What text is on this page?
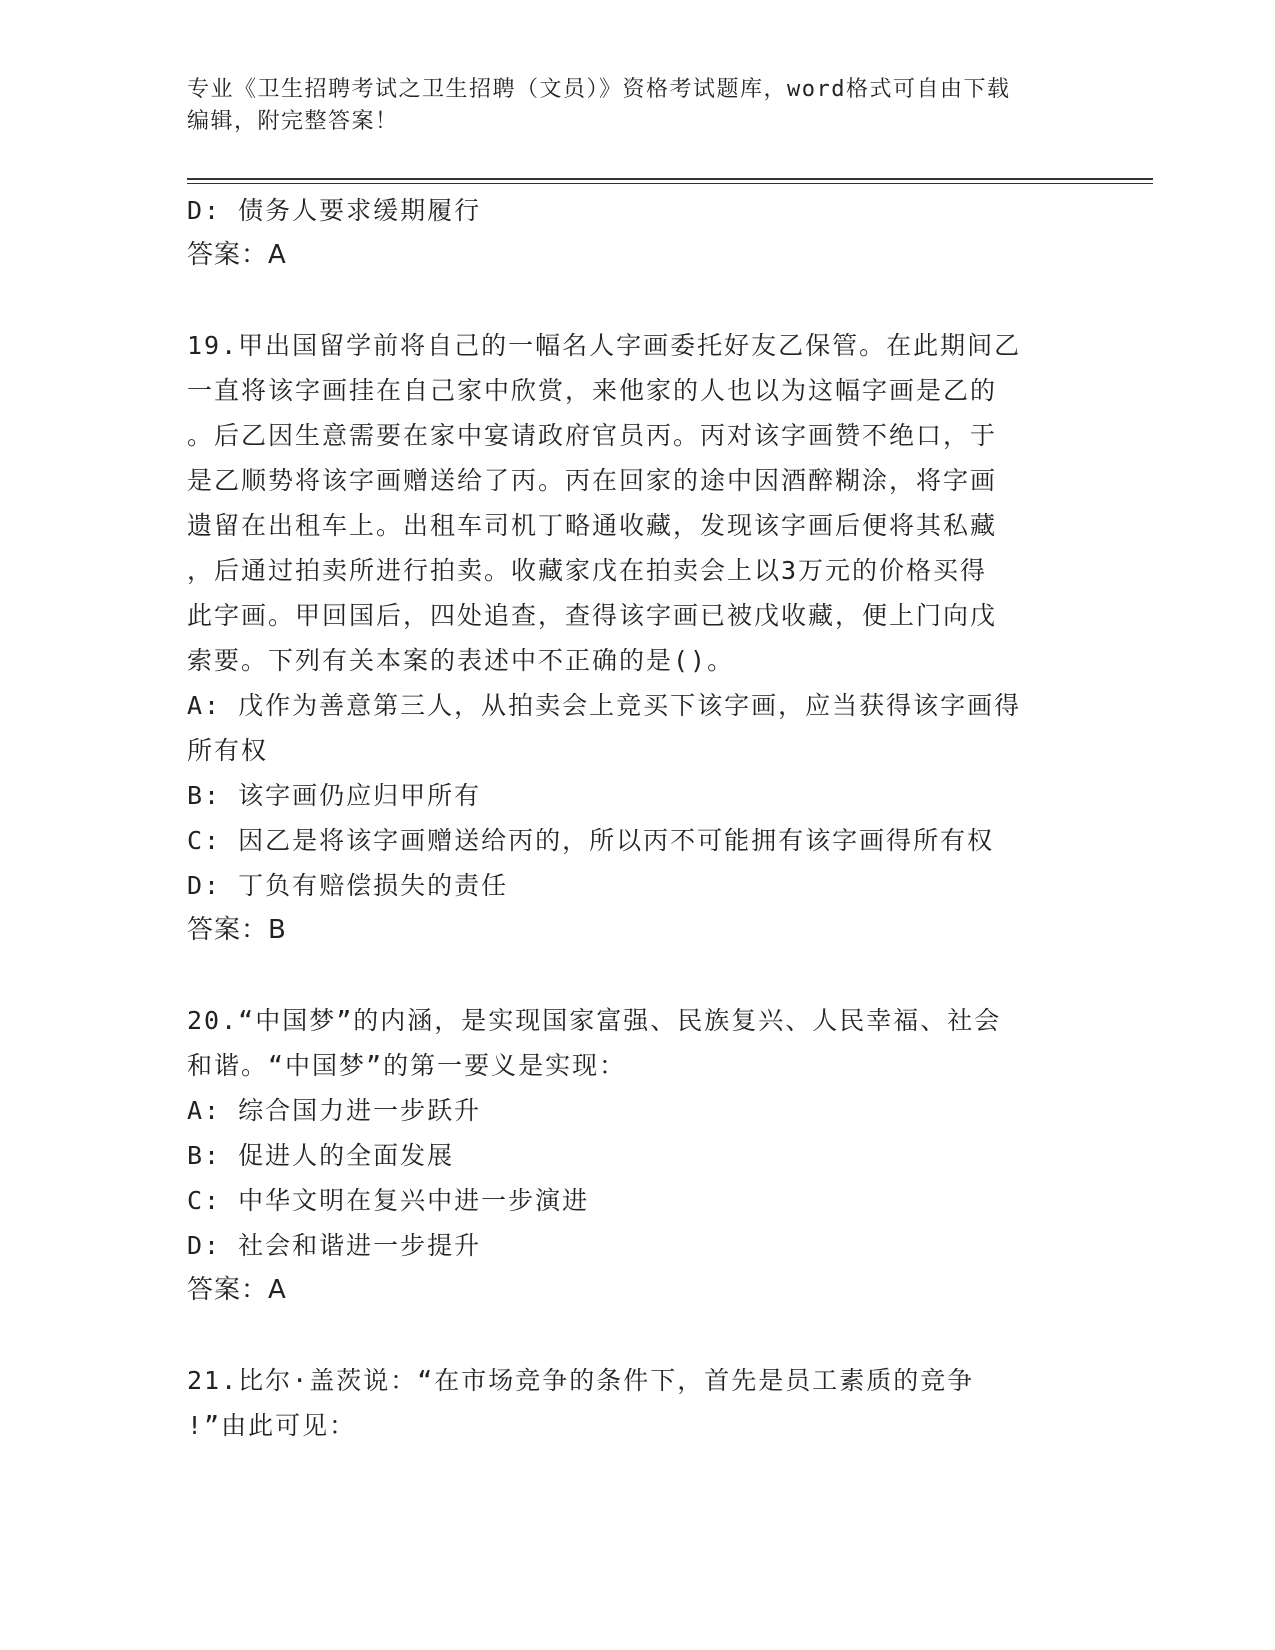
专业《卫生招聘考试之卫生招聘（文员）》资格考试题库，word格式可自由下载
编辑，附完整答案！
D: 债务人要求缓期履行
答案：A
19.甲出国留学前将自己的一幅名人字画委托好友乙保管。在此期间乙
一直将该字画挂在自己家中欣赏，来他家的人也以为这幅字画是乙的
。后乙因生意需要在家中宴请政府官员丙。丙对该字画赞不绝口，于
是乙顺势将该字画赠送给了丙。丙在回家的途中因酒醉糊涂，将字画
遗留在出租车上。出租车司机丁略通收藏，发现该字画后便将其私藏
，后通过拍卖所进行拍卖。收藏家戊在拍卖会上以3万元的价格买得
此字画。甲回国后，四处追查，查得该字画已被戊收藏，便上门向戊
索要。下列有关本案的表述中不正确的是()。
A: 戊作为善意第三人，从拍卖会上竞买下该字画，应当获得该字画得
所有权
B: 该字画仍应归甲所有
C: 因乙是将该字画赠送给丙的，所以丙不可能拥有该字画得所有权
D: 丁负有赔偿损失的责任
答案：B
20.“中国梦”的内涵，是实现国家富强、民族复兴、人民幸福、社会
和谐。“中国梦”的第一要义是实现：
A: 综合国力进一步跃升
B: 促进人的全面发展
C: 中华文明在复兴中进一步演进
D: 社会和谐进一步提升
答案：A
21.比尔·盖茨说：“在市场竞争的条件下，首先是员工素质的竞争
!”由此可见：
